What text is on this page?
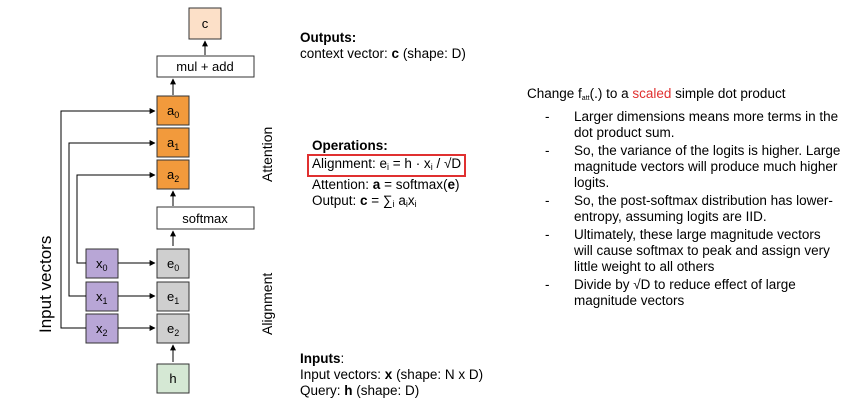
c
mul + add
$a_0$
$a_1$
$a_2$
softmax
$e_0$
$e_1$
$e_2$
h
$x_0$
$x_1$
$x_2$
Input vectors
Attention
Alignment
Outputs:
context vector: c (shape: D)
Operations:
Alignment: $e_i = h \cdot x_i / √D$
Attention: a = softmax(e)
Output: $c = \sum_i$ $a_ix_i$
Inputs:
Input vectors: x (shape: N x D)
Query: h (shape: D)
Change $f_{att}(.)$ to a scaled simple dot product
- Larger dimensions means more terms in the dot product sum.
- So, the variance of the logits is higher. Large magnitude vectors will produce much higher logits.
- So, the post-softmax distribution has lower-entropy, assuming logits are IID.
- Ultimately, these large magnitude vectors will cause softmax to peak and assign very little weight to all others
- Divide by √D to reduce effect of large magnitude vectors
